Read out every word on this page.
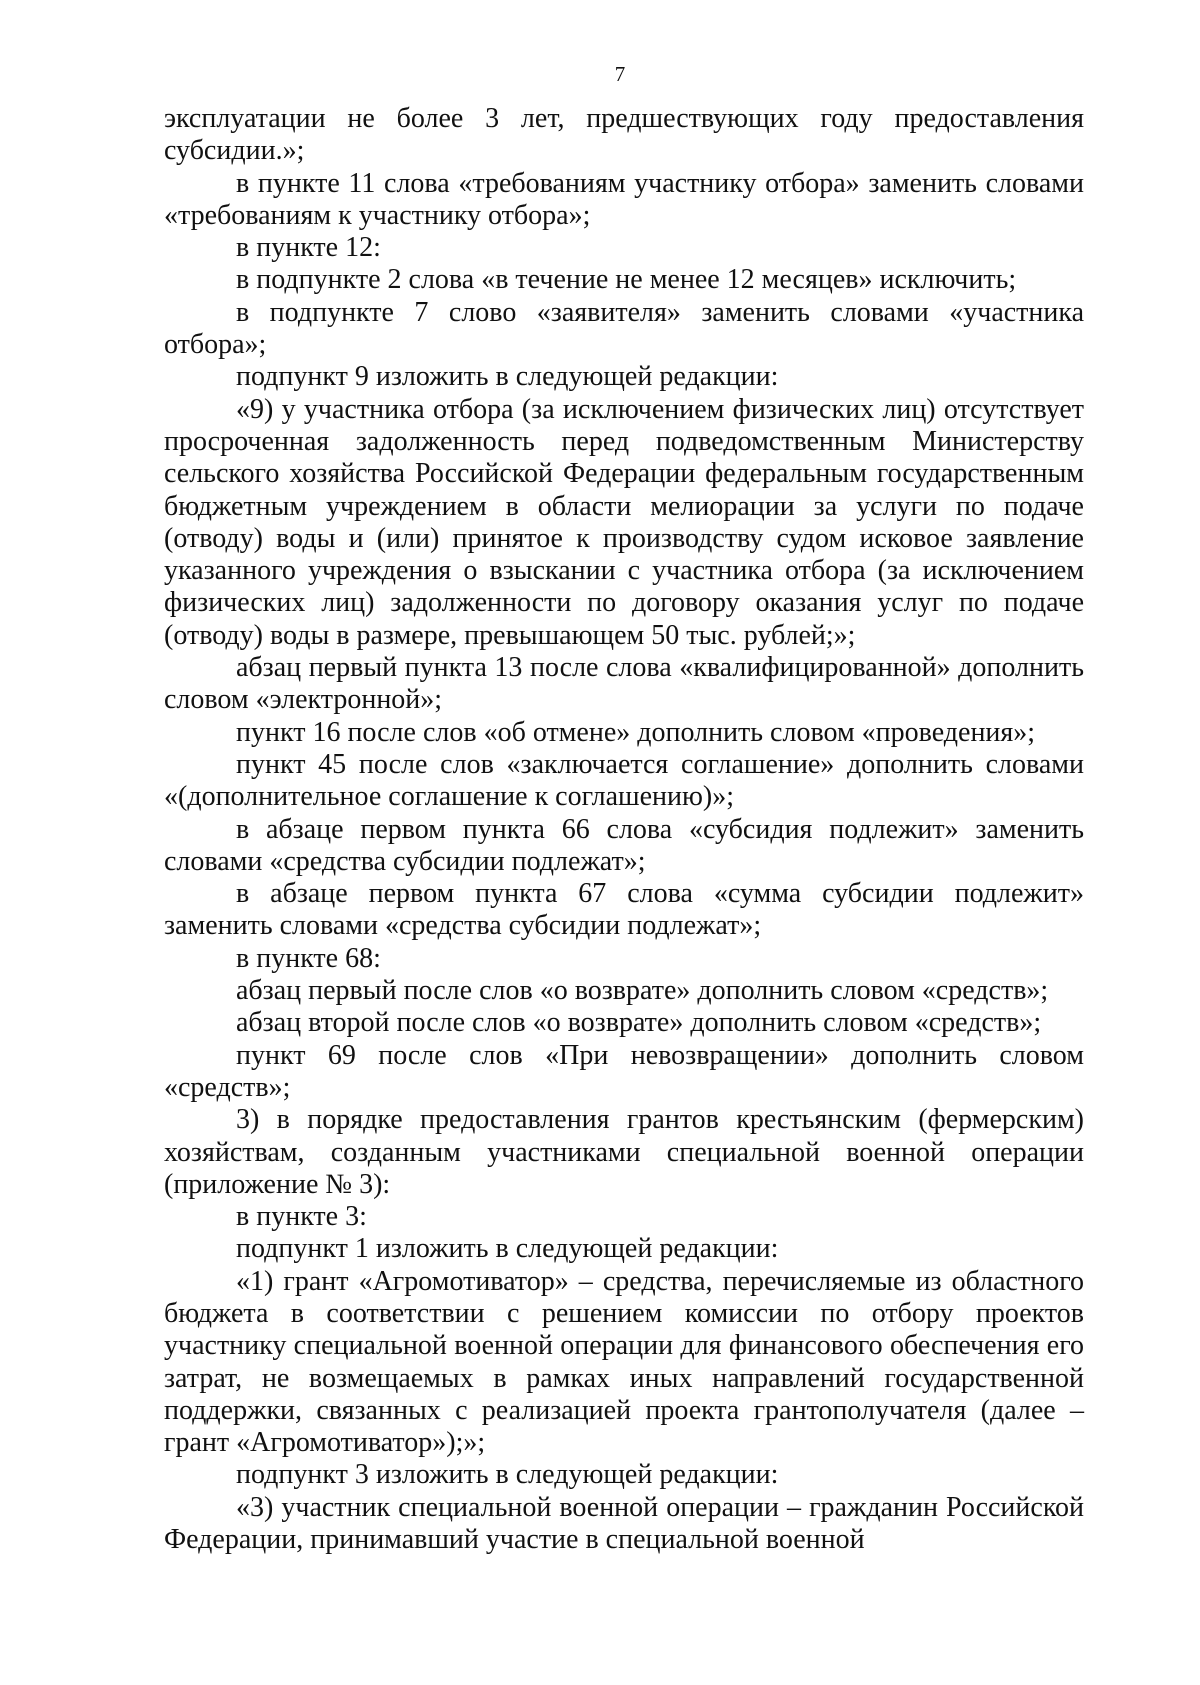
7

эксплуатации не более 3 лет, предшествующих году предоставления субсидии.»;

в пункте 11 слова «требованиям участнику отбора» заменить словами «требованиям к участнику отбора»;

в пункте 12:

в подпункте 2 слова «в течение не менее 12 месяцев» исключить;

в подпункте 7 слово «заявителя» заменить словами «участника отбора»;

подпункт 9 изложить в следующей редакции:

«9) у участника отбора (за исключением физических лиц) отсутствует просроченная задолженность перед подведомственным Министерству сельского хозяйства Российской Федерации федеральным государственным бюджетным учреждением в области мелиорации за услуги по подаче (отводу) воды и (или) принятое к производству судом исковое заявление указанного учреждения о взыскании с участника отбора (за исключением физических лиц) задолженности по договору оказания услуг по подаче (отводу) воды в размере, превышающем 50 тыс. рублей;»;

абзац первый пункта 13 после слова «квалифицированной» дополнить словом «электронной»;

пункт 16 после слов «об отмене» дополнить словом «проведения»;

пункт 45 после слов «заключается соглашение» дополнить словами «(дополнительное соглашение к соглашению)»;

в абзаце первом пункта 66 слова «субсидия подлежит» заменить словами «средства субсидии подлежат»;

в абзаце первом пункта 67 слова «сумма субсидии подлежит» заменить словами «средства субсидии подлежат»;

в пункте 68:

абзац первый после слов «о возврате» дополнить словом «средств»;

абзац второй после слов «о возврате» дополнить словом «средств»;

пункт 69 после слов «При невозвращении» дополнить словом «средств»;

3) в порядке предоставления грантов крестьянским (фермерским) хозяйствам, созданным участниками специальной военной операции (приложение № 3):

в пункте 3:

подпункт 1 изложить в следующей редакции:

«1) грант «Агромотиватор» – средства, перечисляемые из областного бюджета в соответствии с решением комиссии по отбору проектов участнику специальной военной операции для финансового обеспечения его затрат, не возмещаемых в рамках иных направлений государственной поддержки, связанных с реализацией проекта грантополучателя (далее – грант «Агромотиватор»);»;

подпункт 3 изложить в следующей редакции:

«3) участник специальной военной операции – гражданин Российской Федерации, принимавший участие в специальной военной
